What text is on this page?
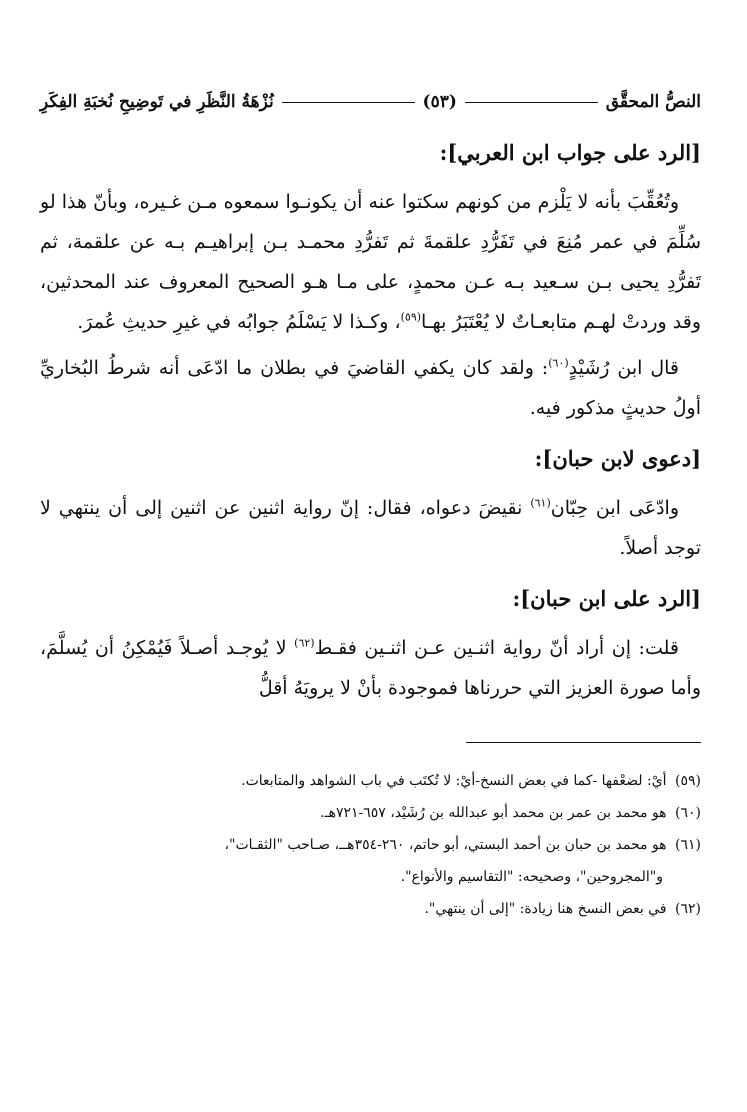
النصُّ المحقَّق
(٥٣)
نُزْهَةُ النَّظَرِ في تَوضِيحِ نُخبَةِ الفِكَرِ
[الرد على جواب ابن العربي]:

وتُعُقِّبَ بأنه لا يَلْزم من كونهم سكتوا عنه أن يكونـوا سمعوه مـن غـيره، وبأنّ هذا لو سُلِّمَ في عمر مُنِعَ في تَفَرُّدِ علقمةَ ثم تَفرُّدِ محمـد بـن إبراهيـم بـه عن علقمة، ثم تَفرُّدِ يحيى بـن سـعيد بـه عـن محمدٍ، على مـا هـو الصحيح المعروف عند المحدثين، وقد وردتْ لهـم متابعـاتٌ لا يُعْتَبَرُ بهـا$^{(٥٩)}$، وكـذا لا يَسْلَمُ جوابُه في غيرِ حديثِ عُمرَ.

قال ابن رُشَيْدٍ$^{(٦٠)}$: ولقد كان يكفي القاضيَ في بطلان ما ادّعَى أنه شرطُ البُخاريِّ أولُ حديثٍ مذكور فيه.

[دعوى لابن حبان]:

وادّعَى ابن حِبّان$^{(٦١)}$ نقيضَ دعواه، فقال: إنّ رواية اثنين عن اثنين إلى أن ينتهي لا توجد أصلاً.

[الرد على ابن حبان]:

قلت: إن أراد أنّ رواية اثنـين عـن اثنـين فقـط$^{(٦٢)}$ لا يُوجـد أصـلاً فَيُمْكِنُ أن يُسلَّمَ، وأما صورة العزيز التي حررناها فموجودة بأنْ لا يرويَهُ أقلُّ

(٥٩) أيْ: لضعْفها -كما في بعض النسخ-أيْ: لا تُكتَب في باب الشواهد والمتابعات.

(٦٠) هو محمد بن عمر بن محمد أبو عبدالله بن رُشَيْد، ٦٥٧-٧٢١هـ.

(٦١) هو محمد بن حبان بن أحمد البستي، أبو حاتم، ٢٦٠-٣٥٤هــ، صـاحب "الثقـات"،

و"المجروحين"، وصحيحه: "التقاسيم والأنواع".

(٦٢) في بعض النسخ هنا زيادة: "إلى أن ينتهي".
